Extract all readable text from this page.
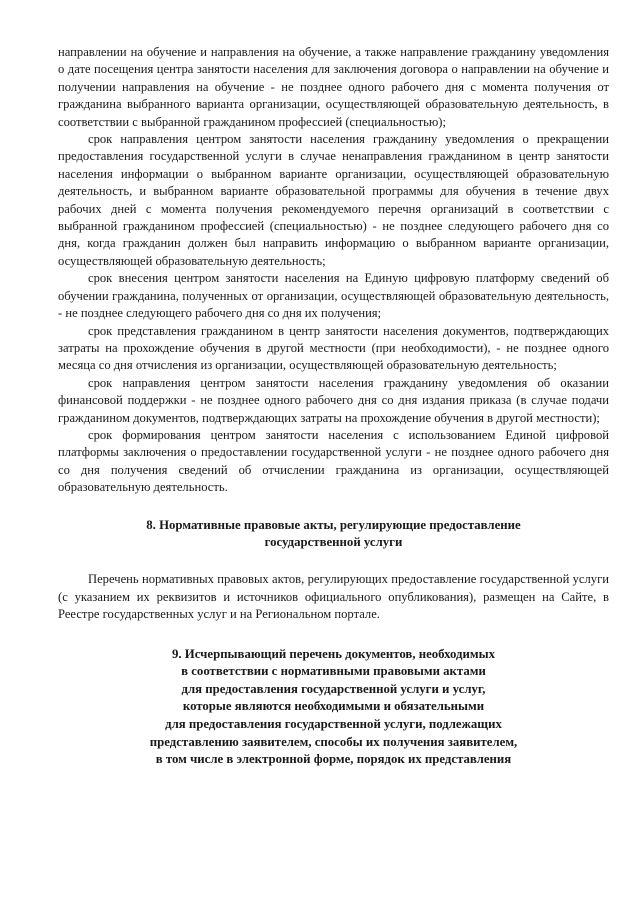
направлении на обучение и направления на обучение, а также направление гражданину уведомления о дате посещения центра занятости населения для заключения договора о направлении на обучение и получении направления на обучение - не позднее одного рабочего дня с момента получения от гражданина выбранного варианта организации, осуществляющей образовательную деятельность, в соответствии с выбранной гражданином профессией (специальностью);

срок направления центром занятости населения гражданину уведомления о прекращении предоставления государственной услуги в случае ненаправления гражданином в центр занятости населения информации о выбранном варианте организации, осуществляющей образовательную деятельность, и выбранном варианте образовательной программы для обучения в течение двух рабочих дней с момента получения рекомендуемого перечня организаций в соответствии с выбранной гражданином профессией (специальностью) - не позднее следующего рабочего дня со дня, когда гражданин должен был направить информацию о выбранном варианте организации, осуществляющей образовательную деятельность;

срок внесения центром занятости населения на Единую цифровую платформу сведений об обучении гражданина, полученных от организации, осуществляющей образовательную деятельность, - не позднее следующего рабочего дня со дня их получения;

срок представления гражданином в центр занятости населения документов, подтверждающих затраты на прохождение обучения в другой местности (при необходимости), - не позднее одного месяца со дня отчисления из организации, осуществляющей образовательную деятельность;

срок направления центром занятости населения гражданину уведомления об оказании финансовой поддержки - не позднее одного рабочего дня со дня издания приказа (в случае подачи гражданином документов, подтверждающих затраты на прохождение обучения в другой местности);

срок формирования центром занятости населения с использованием Единой цифровой платформы заключения о предоставлении государственной услуги - не позднее одного рабочего дня со дня получения сведений об отчислении гражданина из организации, осуществляющей образовательную деятельность.

8. Нормативные правовые акты, регулирующие предоставление
государственной услуги

Перечень нормативных правовых актов, регулирующих предоставление государственной услуги (с указанием их реквизитов и источников официального опубликования), размещен на Сайте, в Реестре государственных услуг и на Региональном портале.

9. Исчерпывающий перечень документов, необходимых
в соответствии с нормативными правовыми актами
для предоставления государственной услуги и услуг,
которые являются необходимыми и обязательными
для предоставления государственной услуги, подлежащих
представлению заявителем, способы их получения заявителем,
в том числе в электронной форме, порядок их представления
